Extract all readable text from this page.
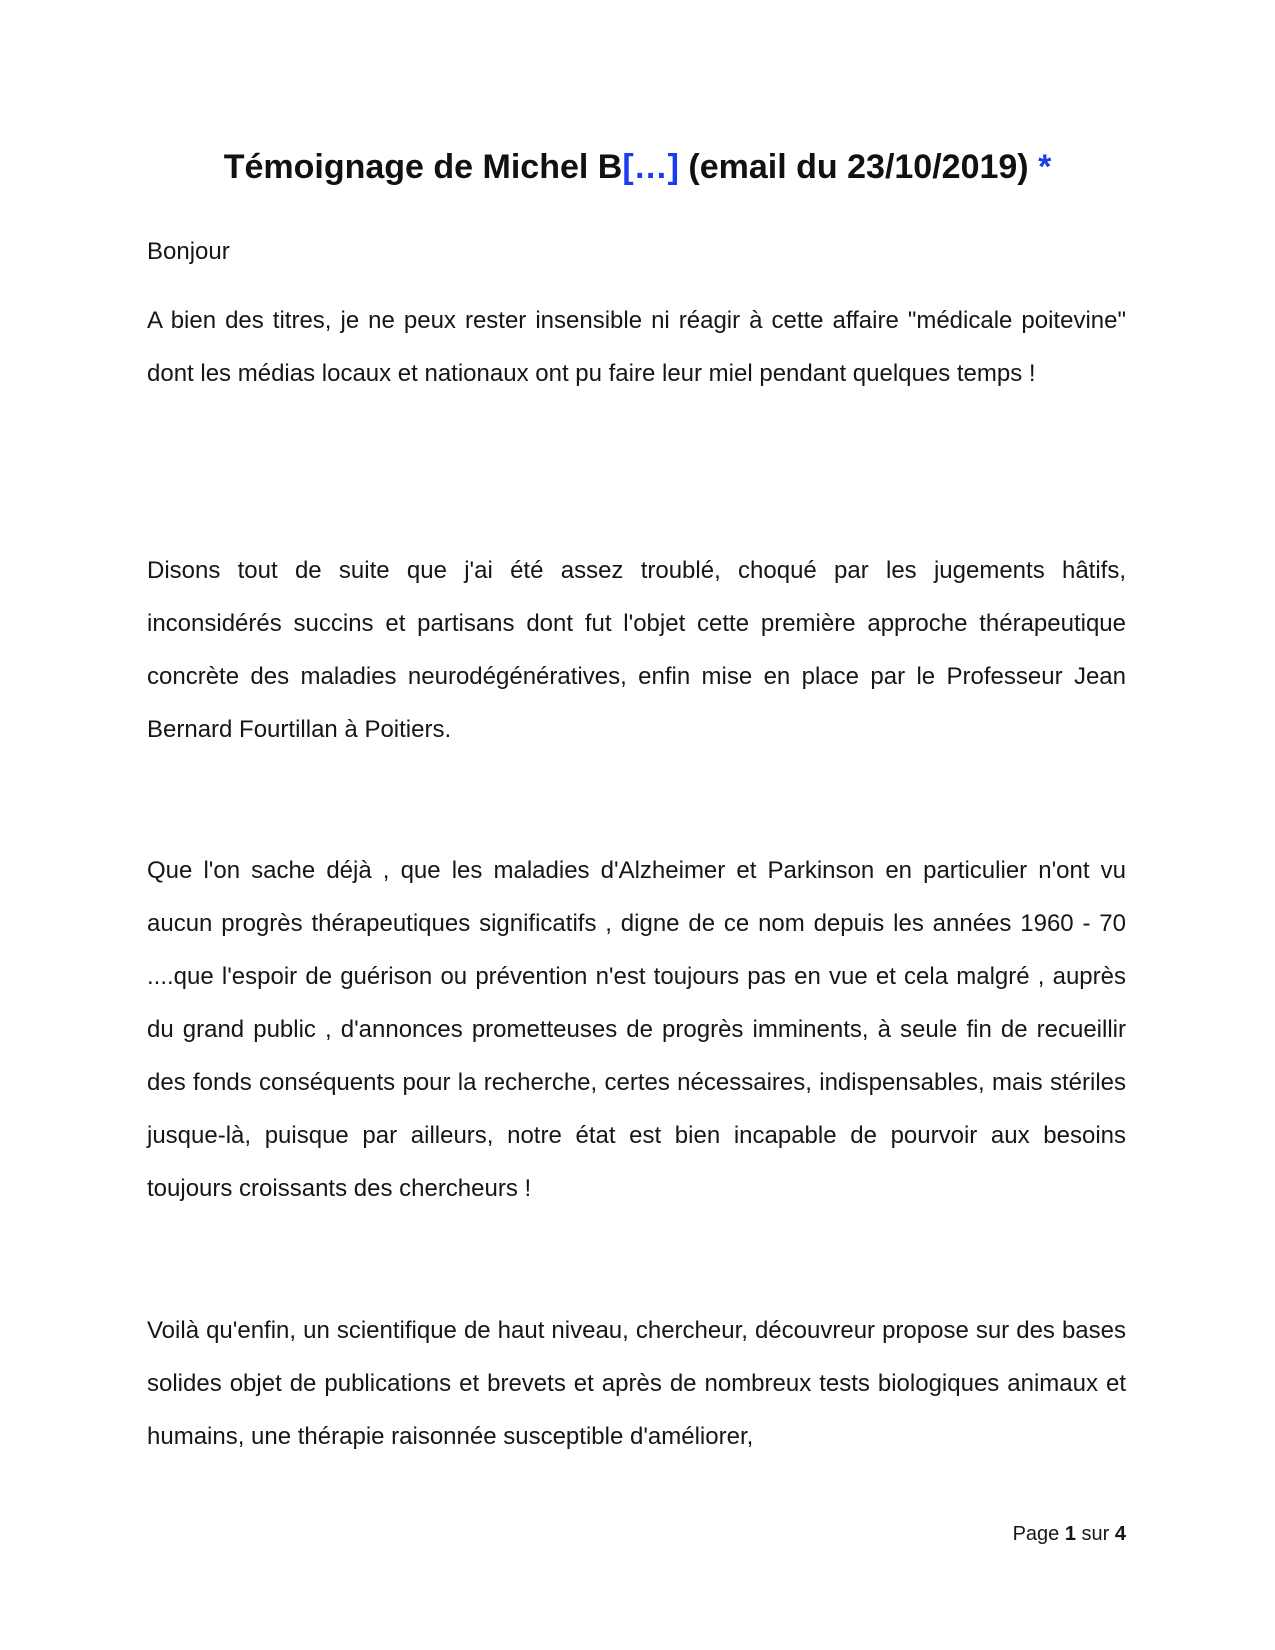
Témoignage de Michel B[…] (email du 23/10/2019) *

Bonjour

A bien des titres, je ne peux rester insensible ni réagir à cette affaire "médicale poitevine" dont les médias locaux et nationaux ont pu faire leur miel pendant quelques temps !

Disons tout de suite que j'ai été assez troublé, choqué par les jugements hâtifs, inconsidérés succins et partisans dont fut l'objet cette première approche thérapeutique concrète des maladies neurodégénératives, enfin mise en place par le Professeur Jean Bernard Fourtillan à Poitiers.

Que l'on sache déjà , que les maladies d'Alzheimer et Parkinson en particulier n'ont vu aucun progrès thérapeutiques significatifs , digne de ce nom depuis les années 1960 - 70 ....que l'espoir de guérison ou prévention n'est toujours pas en vue et cela malgré , auprès du grand public , d'annonces prometteuses de progrès imminents, à seule fin de recueillir des fonds conséquents pour la recherche, certes nécessaires, indispensables, mais stériles jusque-là, puisque par ailleurs, notre état est bien incapable de pourvoir aux besoins toujours croissants des chercheurs !

Voilà qu'enfin, un scientifique de haut niveau, chercheur, découvreur propose sur des bases solides objet de publications et brevets et après de nombreux tests biologiques animaux et humains, une thérapie raisonnée susceptible d'améliorer,

Page 1 sur 4
